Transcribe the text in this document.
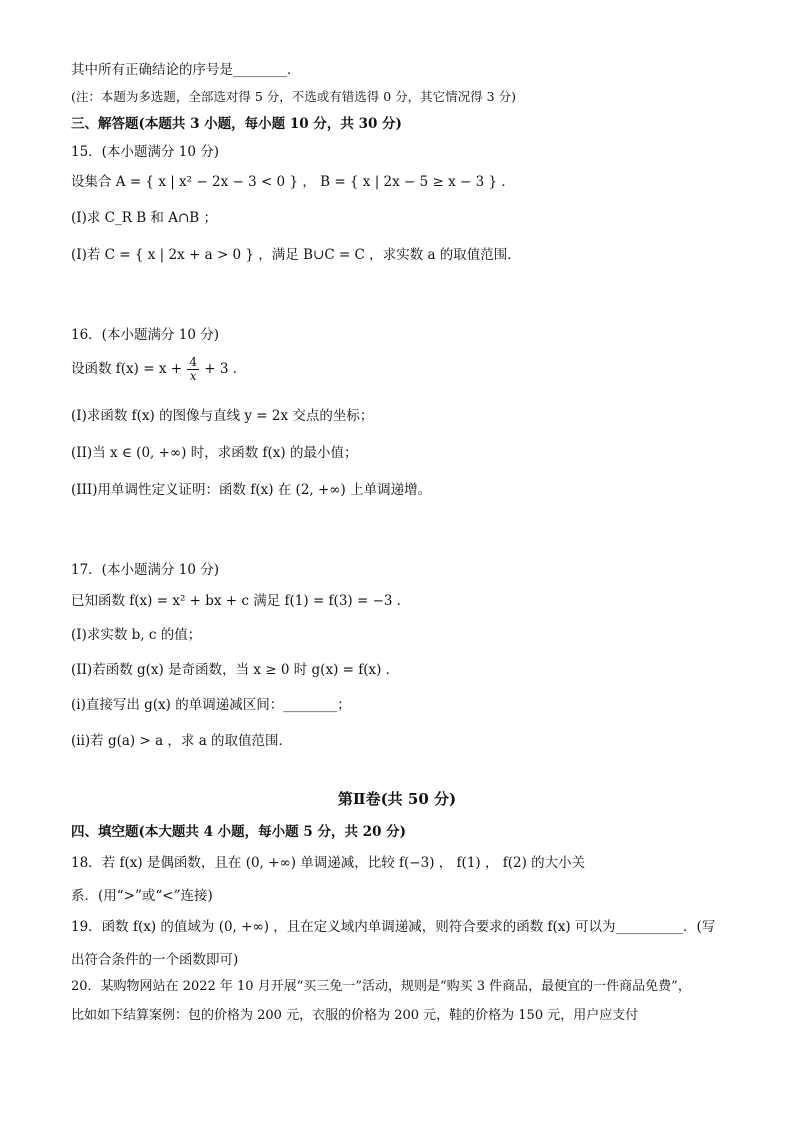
其中所有正确结论的序号是________．
(注：本题为多选题，全部选对得 5 分，不选或有错选得 0 分，其它情况得 3 分)
三、解答题(本题共 3 小题，每小题 10 分，共 30 分)
15．(本小题满分 10 分)
设集合 A = { x | x² − 2x − 3 < 0 } ， B = { x | 2x − 5 ≥ x − 3 } ．
(I)求 C_R B 和 A∩B ；
(I)若 C = { x | 2x + a > 0 } ，满足 B∪C = C ，求实数 a 的取值范围．
16．(本小题满分 10 分)
设函数 $f(x) = x + \frac{4}{x} + 3$ ．
(I)求函数 f(x) 的图像与直线 y = 2x 交点的坐标；
(II)当 x ∈ (0, +∞) 时，求函数 f(x) 的最小值；
(III)用单调性定义证明：函数 f(x) 在 (2, +∞) 上单调递增。
17．(本小题满分 10 分)
已知函数 f(x) = x² + bx + c 满足 f(1) = f(3) = −3 ．
(I)求实数 b, c 的值；
(II)若函数 g(x) 是奇函数，当 x ≥ 0 时 g(x) = f(x) ．
(i)直接写出 g(x) 的单调递减区间：________；
(ii)若 g(a) > a ，求 a 的取值范围．
第Ⅱ卷(共 50 分)
四、填空题(本大题共 4 小题，每小题 5 分，共 20 分)
18．若 f(x) 是偶函数，且在 (0, +∞) 单调递减，比较 f(−3) ， f(1) ， f(2) 的大小关
系．(用“>”或“<”连接)
19．函数 f(x) 的值域为 (0, +∞) ，且在定义域内单调递减，则符合要求的函数 f(x) 可以为__________．(写
出符合条件的一个函数即可)
20．某购物网站在 2022 年 10 月开展“买三免一”活动，规则是“购买 3 件商品，最便宜的一件商品免费”，
比如如下结算案例：包的价格为 200 元，衣服的价格为 200 元，鞋的价格为 150 元，用户应支付
